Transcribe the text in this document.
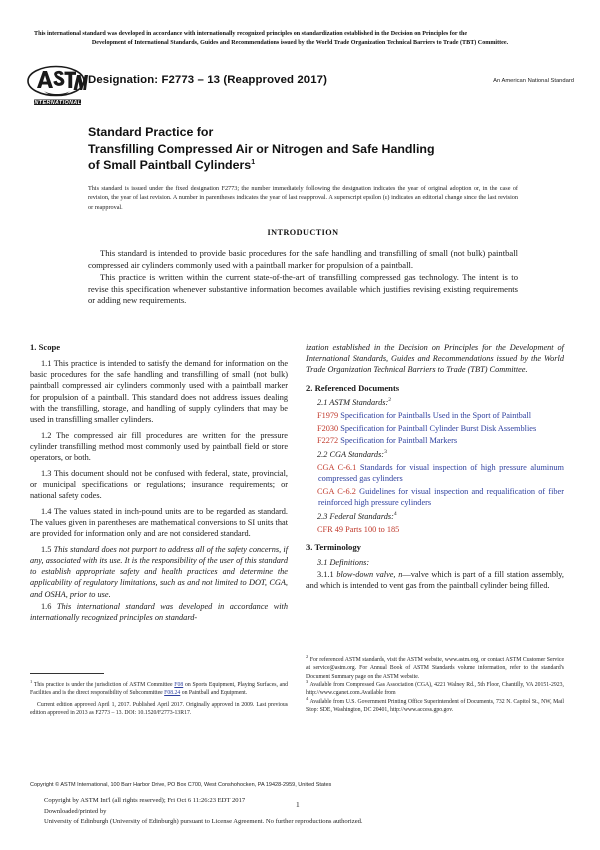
This international standard was developed in accordance with internationally recognized principles on standardization established in the Decision on Principles for the
Development of International Standards, Guides and Recommendations issued by the World Trade Organization Technical Barriers to Trade (TBT) Committee.
INTERNATIONAL
Designation: F2773 – 13 (Reapproved 2017)	An American National Standard
Standard Practice for
Transfilling Compressed Air or Nitrogen and Safe Handling
of Small Paintball Cylinders$^1$
This standard is issued under the fixed designation F2773; the number immediately following the designation indicates the year of original adoption or, in the case of revision, the year of last revision. A number in parentheses indicates the year of last reapproval. A superscript epsilon (ε) indicates an editorial change since the last revision or reapproval.
INTRODUCTION

This standard is intended to provide basic procedures for the safe handling and transfilling of small (not bulk) paintball compressed air cylinders commonly used with a paintball marker for propulsion of a paintball.

This practice is written within the current state-of-the-art of transfilling compressed gas technology. The intent is to revise this specification whenever substantive information becomes available which justifies revising existing requirements or adding new requirements.

1. Scope

1.1 This practice is intended to satisfy the demand for information on the basic procedures for the safe handling and transfilling of small (not bulk) paintball compressed air cylinders commonly used with a paintball marker for propulsion of a paintball. This standard does not address issues dealing with the transfilling, storage, and handling of supply cylinders that may be used in transfilling smaller cylinders.

1.2 The compressed air fill procedures are written for the pressure cylinder transfilling method most commonly used by paintball field or store operators, or both.

1.3 This document should not be confused with federal, state, provincial, or municipal specifications or regulations; insurance requirements; or national safety codes.

1.4 The values stated in inch-pound units are to be regarded as standard. The values given in parentheses are mathematical conversions to SI units that are provided for information only and are not considered standard.

1.5 This standard does not purport to address all of the safety concerns, if any, associated with its use. It is the responsibility of the user of this standard to establish appropriate safety and health practices and determine the applicability of regulatory limitations, such as and not limited to DOT, CGA, and OSHA, prior to use.

1.6 This international standard was developed in accordance with internationally recognized principles on standard-

ization established in the Decision on Principles for the Development of International Standards, Guides and Recommendations issued by the World Trade Organization Technical Barriers to Trade (TBT) Committee.

2. Referenced Documents

2.1 ASTM Standards:$^2$

F1979 Specification for Paintballs Used in the Sport of Paintball

F2030 Specification for Paintball Cylinder Burst Disk Assemblies

F2272 Specification for Paintball Markers

2.2 CGA Standards:$^3$

CGA C-6.1 Standards for visual inspection of high pressure aluminum compressed gas cylinders

CGA C-6.2 Guidelines for visual inspection and requalification of fiber reinforced high pressure cylinders

2.3 Federal Standards:$^4$

CFR 49 Parts 100 to 185

3. Terminology

3.1 Definitions:

3.1.1 blow-down valve, n—valve which is part of a fill station assembly, and which is intended to vent gas from the paintball cylinder being filled.

$^1$ This practice is under the jurisdiction of ASTM Committee F08 on Sports Equipment, Playing Surfaces, and Facilities and is the direct responsibility of Subcommittee F08.24 on Paintball and Equipment.

Current edition approved April 1, 2017. Published April 2017. Originally approved in 2009. Last previous edition approved in 2013 as F2773 – 13. DOI: 10.1520/F2773-13R17.

$^2$ For referenced ASTM standards, visit the ASTM website, www.astm.org, or contact ASTM Customer Service at service@astm.org. For Annual Book of ASTM Standards volume information, refer to the standard's Document Summary page on the ASTM website.

$^3$ Available from Compressed Gas Association (CGA), 4221 Walney Rd., 5th Floor, Chantilly, VA 20151-2923, http://www.cganet.com.Available from

$^4$ Available from U.S. Government Printing Office Superintendent of Documents, 732 N. Capitol St., NW, Mail Stop: SDE, Washington, DC 20401, http://www.access.gpo.gov.

Copyright © ASTM International, 100 Barr Harbor Drive, PO Box C700, West Conshohocken, PA 19428-2959, United States
Copyright by ASTM Int'l (all rights reserved); Fri Oct 6 11:26:23 EDT 2017
Downloaded/printed by
University of Edinburgh (University of Edinburgh) pursuant to License Agreement. No further reproductions authorized.
1
